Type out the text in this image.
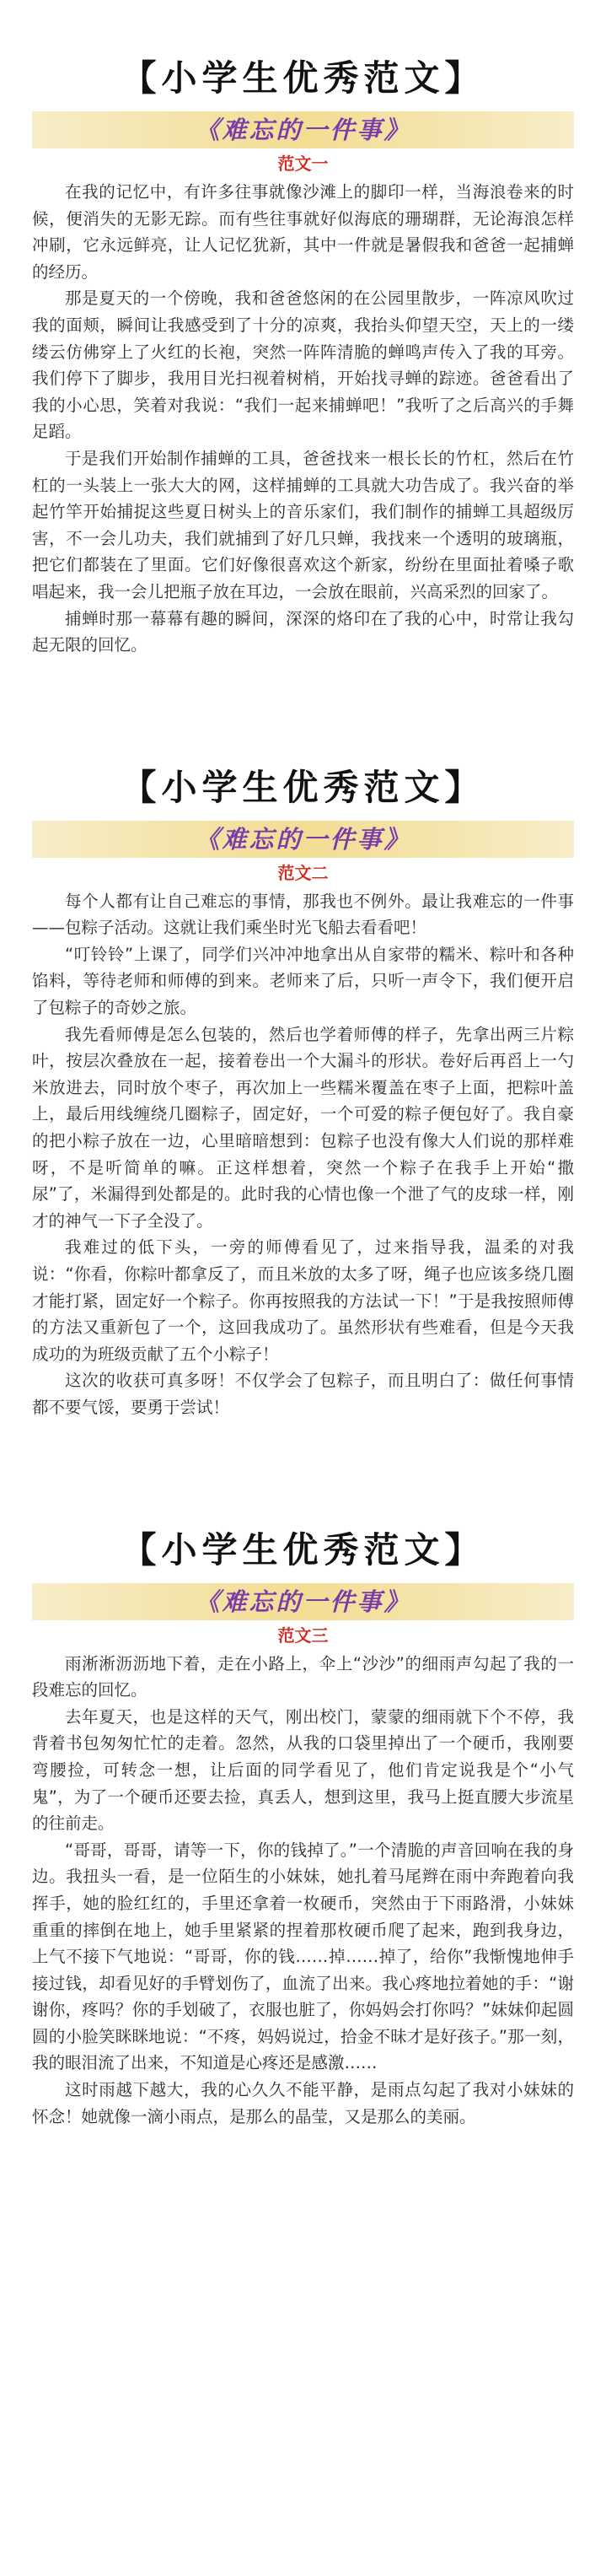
【小学生优秀范文】
《难忘的一件事》
范文一

在我的记忆中，有许多往事就像沙滩上的脚印一样，当海浪卷来的时候，便消失的无影无踪。而有些往事就好似海底的珊瑚群，无论海浪怎样冲刷，它永远鲜亮，让人记忆犹新，其中一件就是暑假我和爸爸一起捕蝉的经历。

那是夏天的一个傍晚，我和爸爸悠闲的在公园里散步，一阵凉风吹过我的面颊，瞬间让我感受到了十分的凉爽，我抬头仰望天空，天上的一缕缕云仿佛穿上了火红的长袍，突然一阵阵清脆的蝉鸣声传入了我的耳旁。我们停下了脚步，我用目光扫视着树梢，开始找寻蝉的踪迹。爸爸看出了我的小心思，笑着对我说：“我们一起来捕蝉吧！”我听了之后高兴的手舞足蹈。

于是我们开始制作捕蝉的工具，爸爸找来一根长长的竹杠，然后在竹杠的一头装上一张大大的网，这样捕蝉的工具就大功告成了。我兴奋的举起竹竿开始捕捉这些夏日树头上的音乐家们，我们制作的捕蝉工具超级厉害，不一会儿功夫，我们就捕到了好几只蝉，我找来一个透明的玻璃瓶，把它们都装在了里面。它们好像很喜欢这个新家，纷纷在里面扯着嗓子歌唱起来，我一会儿把瓶子放在耳边，一会放在眼前，兴高采烈的回家了。

捕蝉时那一幕幕有趣的瞬间，深深的烙印在了我的心中，时常让我勾起无限的回忆。

【小学生优秀范文】
《难忘的一件事》
范文二

每个人都有让自己难忘的事情，那我也不例外。最让我难忘的一件事——包粽子活动。这就让我们乘坐时光飞船去看看吧！

“叮铃铃”上课了，同学们兴冲冲地拿出从自家带的糯米、粽叶和各种馅料，等待老师和师傅的到来。老师来了后，只听一声令下，我们便开启了包粽子的奇妙之旅。

我先看师傅是怎么包装的，然后也学着师傅的样子，先拿出两三片粽叶，按层次叠放在一起，接着卷出一个大漏斗的形状。卷好后再舀上一勺米放进去，同时放个枣子，再次加上一些糯米覆盖在枣子上面，把粽叶盖上，最后用线缠绕几圈粽子，固定好，一个可爱的粽子便包好了。我自豪的把小粽子放在一边，心里暗暗想到：包粽子也没有像大人们说的那样难呀，不是听简单的嘛。正这样想着，突然一个粽子在我手上开始“撒尿”了，米漏得到处都是的。此时我的心情也像一个泄了气的皮球一样，刚才的神气一下子全没了。

我难过的低下头，一旁的师傅看见了，过来指导我，温柔的对我说：“你看，你粽叶都拿反了，而且米放的太多了呀，绳子也应该多绕几圈才能打紧，固定好一个粽子。你再按照我的方法试一下！”于是我按照师傅的方法又重新包了一个，这回我成功了。虽然形状有些难看，但是今天我成功的为班级贡献了五个小粽子！

这次的收获可真多呀！不仅学会了包粽子，而且明白了：做任何事情都不要气馁，要勇于尝试！

【小学生优秀范文】
《难忘的一件事》
范文三

雨淅淅沥沥地下着，走在小路上，伞上“沙沙”的细雨声勾起了我的一段难忘的回忆。

去年夏天，也是这样的天气，刚出校门，蒙蒙的细雨就下个不停，我背着书包匆匆忙忙的走着。忽然，从我的口袋里掉出了一个硬币，我刚要弯腰捡，可转念一想，让后面的同学看见了，他们肯定说我是个“小气鬼”，为了一个硬币还要去捡，真丢人，想到这里，我马上挺直腰大步流星的往前走。

“哥哥，哥哥，请等一下，你的钱掉了。”一个清脆的声音回响在我的身边。我扭头一看，是一位陌生的小妹妹，她扎着马尾辫在雨中奔跑着向我挥手，她的脸红红的，手里还拿着一枚硬币，突然由于下雨路滑，小妹妹重重的摔倒在地上，她手里紧紧的捏着那枚硬币爬了起来，跑到我身边，上气不接下气地说：“哥哥，你的钱……掉……掉了，给你”我惭愧地伸手接过钱，却看见好的手臂划伤了，血流了出来。我心疼地拉着她的手：“谢谢你，疼吗？你的手划破了，衣服也脏了，你妈妈会打你吗？”妹妹仰起圆圆的小脸笑眯眯地说：“不疼，妈妈说过，拾金不昧才是好孩子。”那一刻，我的眼泪流了出来，不知道是心疼还是感激……

这时雨越下越大，我的心久久不能平静，是雨点勾起了我对小妹妹的怀念！她就像一滴小雨点，是那么的晶莹，又是那么的美丽。
